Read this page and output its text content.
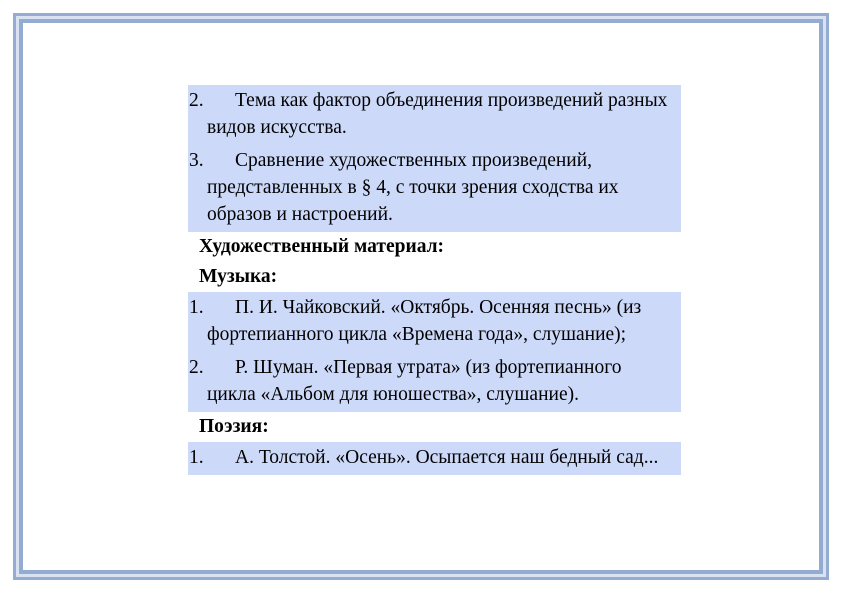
2.	Тема как фактор объединения произведений разных видов искусства.
3.	Сравнение художественных произведений, представленных в § 4, с точки зрения сходства их образов и настроений.
Художественный материал:
Музыка:
1.	П. И. Чайковский. «Октябрь. Осенняя песнь» (из фортепианного цикла «Времена года», слушание);
2.	Р. Шуман. «Первая утрата» (из фортепианного цикла «Альбом для юношества», слушание).
Поэзия:
1.	А. Толстой. «Осень». Осыпается наш бедный сад...
